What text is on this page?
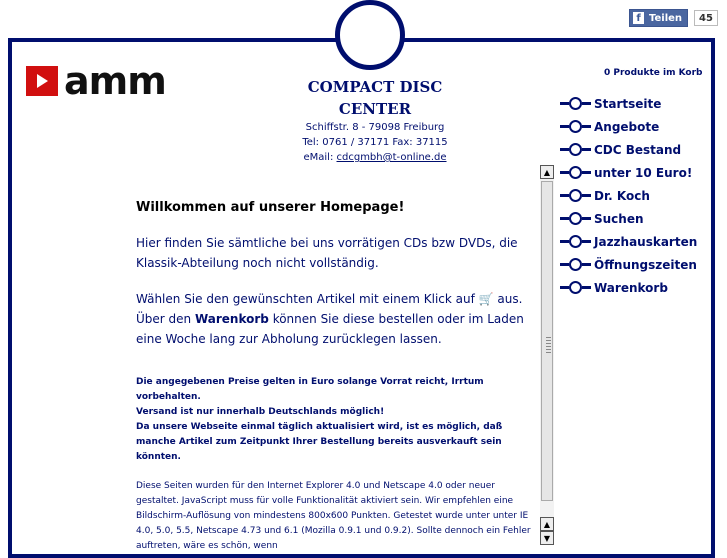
f Teilen	45
amm	COMPACT DISC
CENTER
Schiffstr. 8 - 79098 Freiburg
Tel: 0761 / 37171 Fax: 37115
eMail: cdcgmbh@t-online.de
0 Produkte im Korb
Startseite
Angebote
CDC Bestand
unter 10 Euro!
Dr. Koch
Suchen
Jazzhauskarten
Öffnungszeiten
Warenkorb
Willkommen auf unserer Homepage!
Hier finden Sie sämtliche bei uns vorrätigen CDs bzw DVDs, die Klassik-Abteilung noch nicht vollständig.
Wählen Sie den gewünschten Artikel mit einem Klick auf 🛒 aus.
Über den Warenkorb können Sie diese bestellen oder im Laden eine Woche lang zur Abholung zurücklegen lassen.
Die angegebenen Preise gelten in Euro solange Vorrat reicht, Irrtum vorbehalten.
Versand ist nur innerhalb Deutschlands möglich!
Da unsere Webseite einmal täglich aktualisiert wird, ist es möglich, daß manche Artikel zum Zeitpunkt Ihrer Bestellung bereits ausverkauft sein könnten.
Diese Seiten wurden für den Internet Explorer 4.0 und Netscape 4.0 oder neuer gestaltet. JavaScript muss für volle Funktionalität aktiviert sein. Wir empfehlen eine Bildschirm-Auflösung von mindestens 800x600 Punkten. Getestet wurde unter unter IE 4.0, 5.0, 5.5, Netscape 4.73 und 6.1 (Mozilla 0.9.1 und 0.9.2). Sollte dennoch ein Fehler auftreten, wäre es schön, wenn
▲
▲
▼
